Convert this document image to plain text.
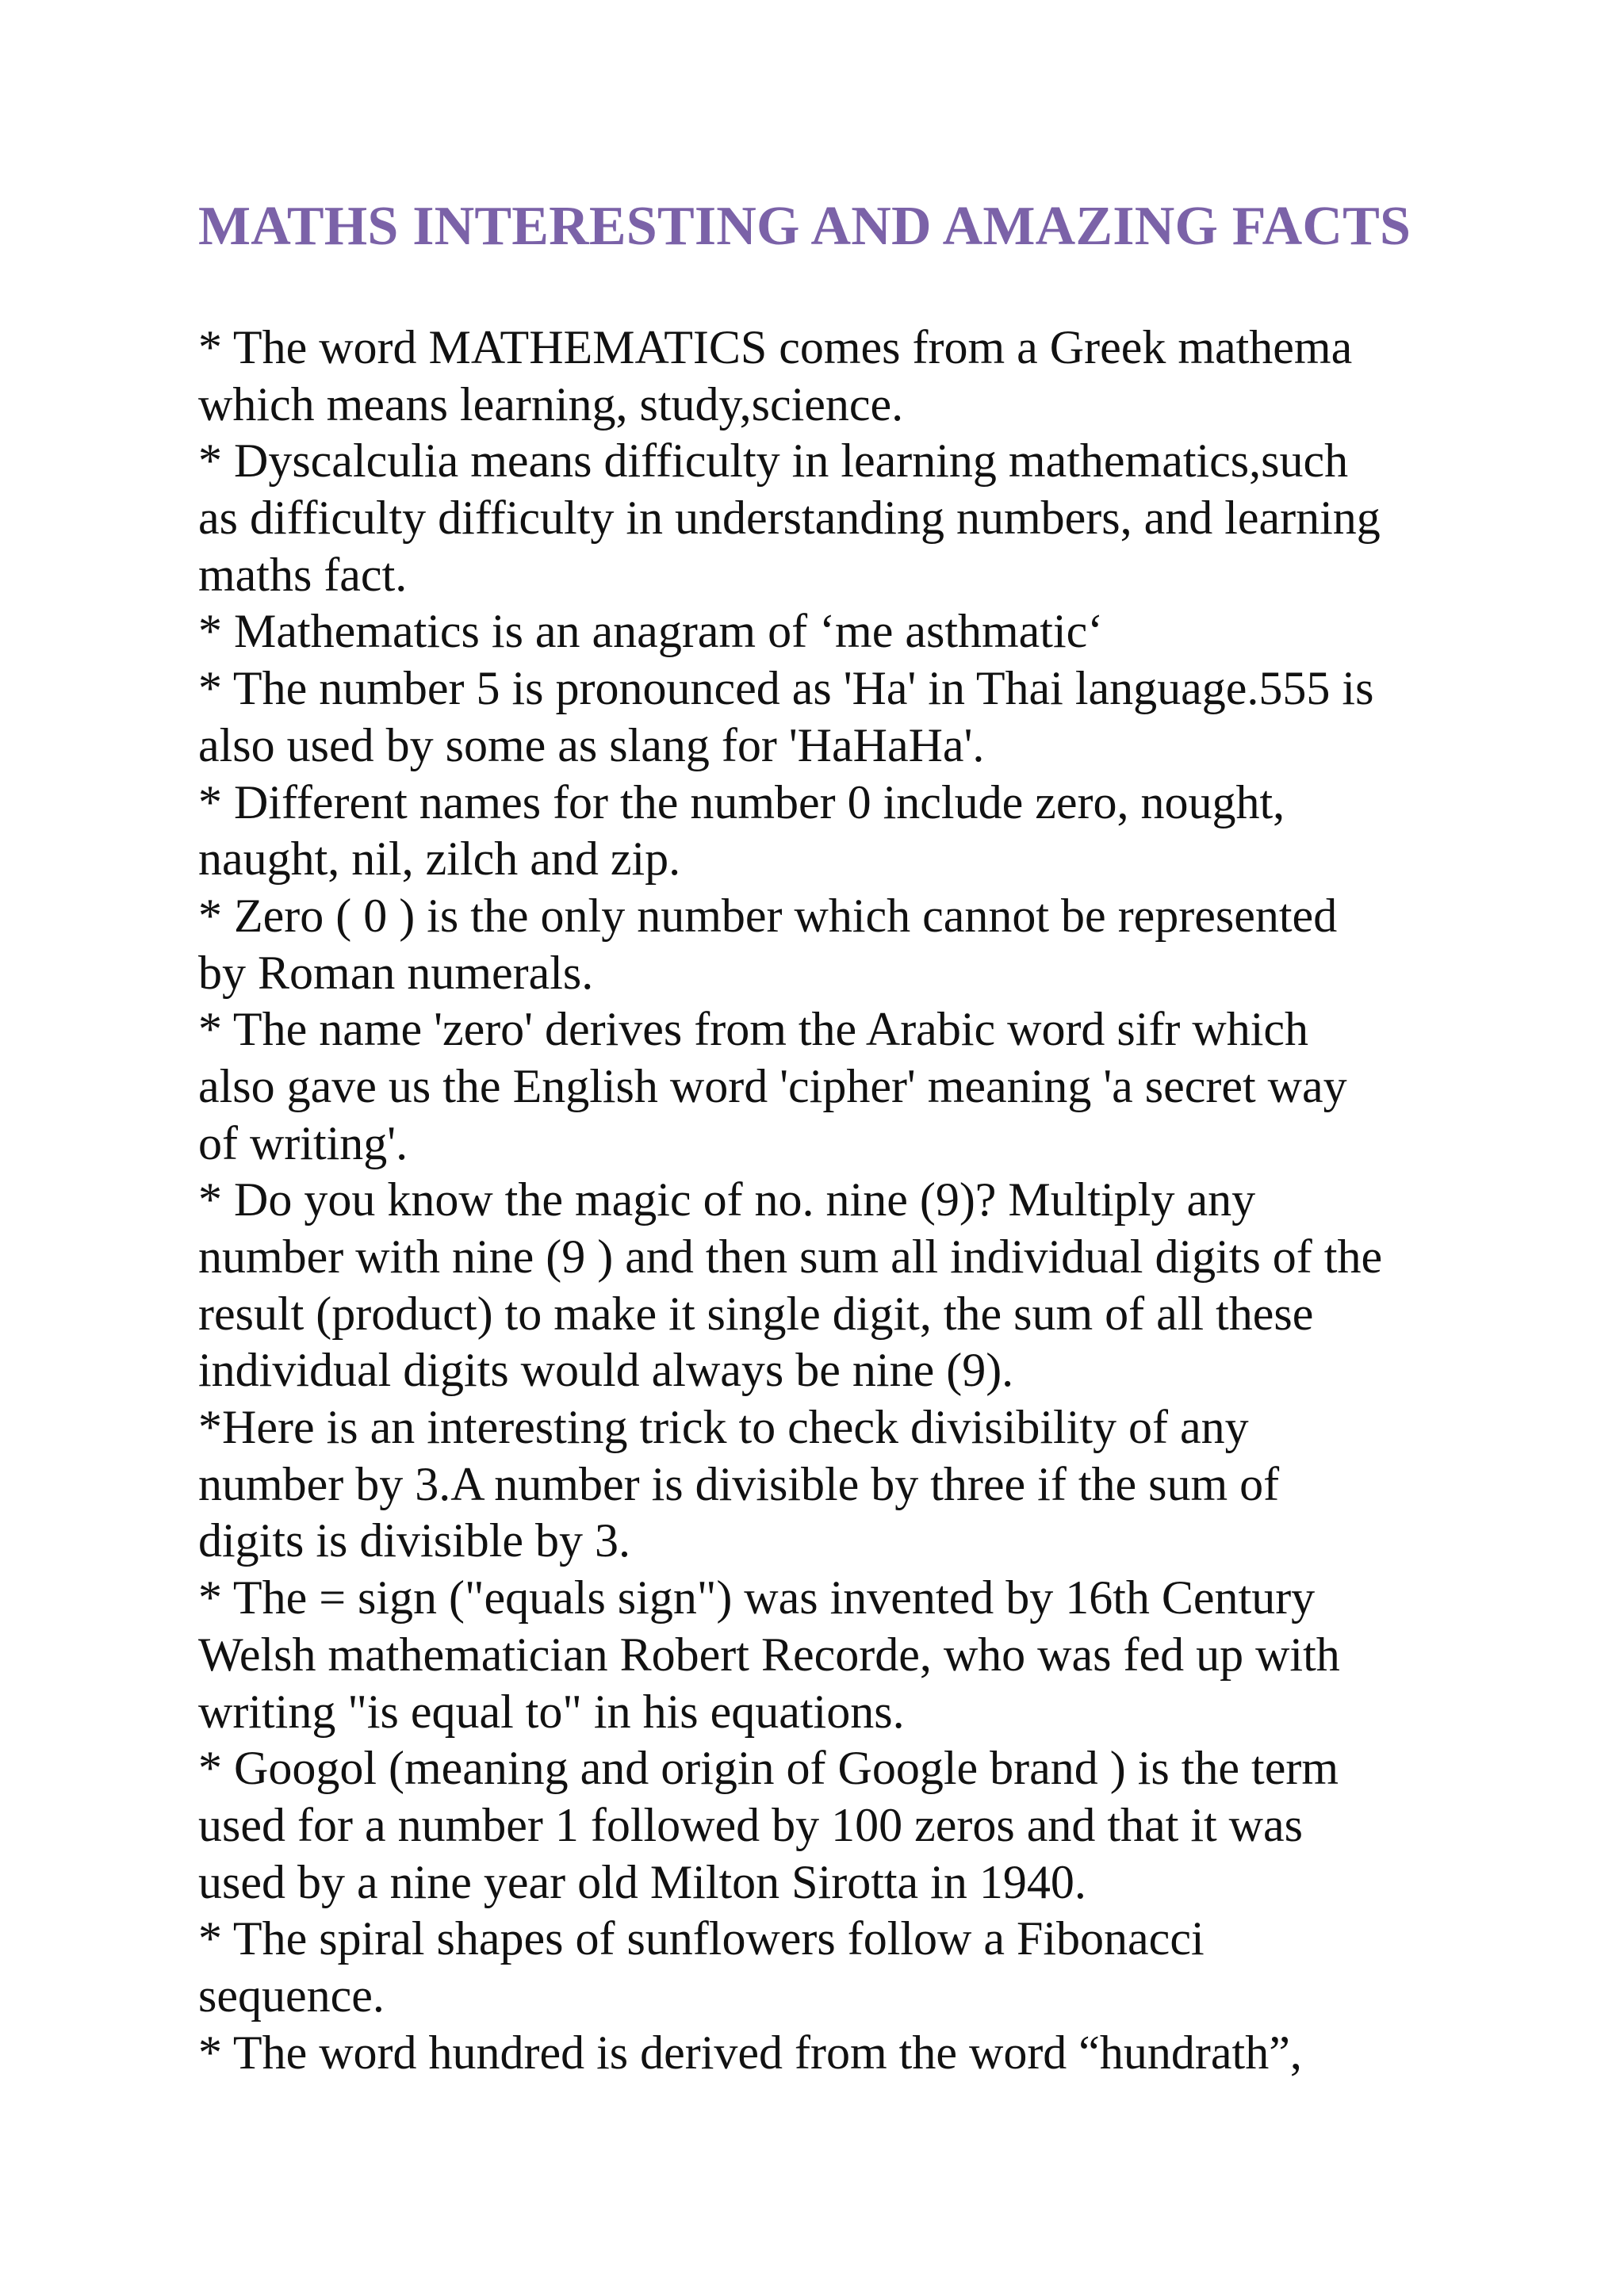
MATHS INTERESTING AND AMAZING FACTS
* The word MATHEMATICS comes from a Greek mathema
which means learning, study,science.
* Dyscalculia means difficulty in learning mathematics,such
as difficulty difficulty in understanding numbers, and learning
maths fact.
* Mathematics is an anagram of ‘me asthmatic‘
* The number 5 is pronounced as 'Ha' in Thai language.555 is
also used by some as slang for 'HaHaHa'.
* Different names for the number 0 include zero, nought,
naught, nil, zilch and zip.
* Zero ( 0 ) is the only number which cannot be represented
by Roman numerals.
* The name 'zero' derives from the Arabic word sifr which
also gave us the English word 'cipher' meaning 'a secret way
of writing'.
* Do you know the magic of no. nine (9)? Multiply any
number with nine (9 ) and then sum all individual digits of the
result (product) to make it single digit, the sum of all these
individual digits would always be nine (9).
*Here is an interesting trick to check divisibility of any
number by 3.A number is divisible by three if the sum of
digits is divisible by 3.
* The = sign ("equals sign") was invented by 16th Century
Welsh mathematician Robert Recorde, who was fed up with
writing "is equal to" in his equations.
* Googol (meaning and origin of Google brand ) is the term
used for a number 1 followed by 100 zeros and that it was
used by a nine year old Milton Sirotta in 1940.
* The spiral shapes of sunflowers follow a Fibonacci
sequence.
* The word hundred is derived from the word “hundrath”,
